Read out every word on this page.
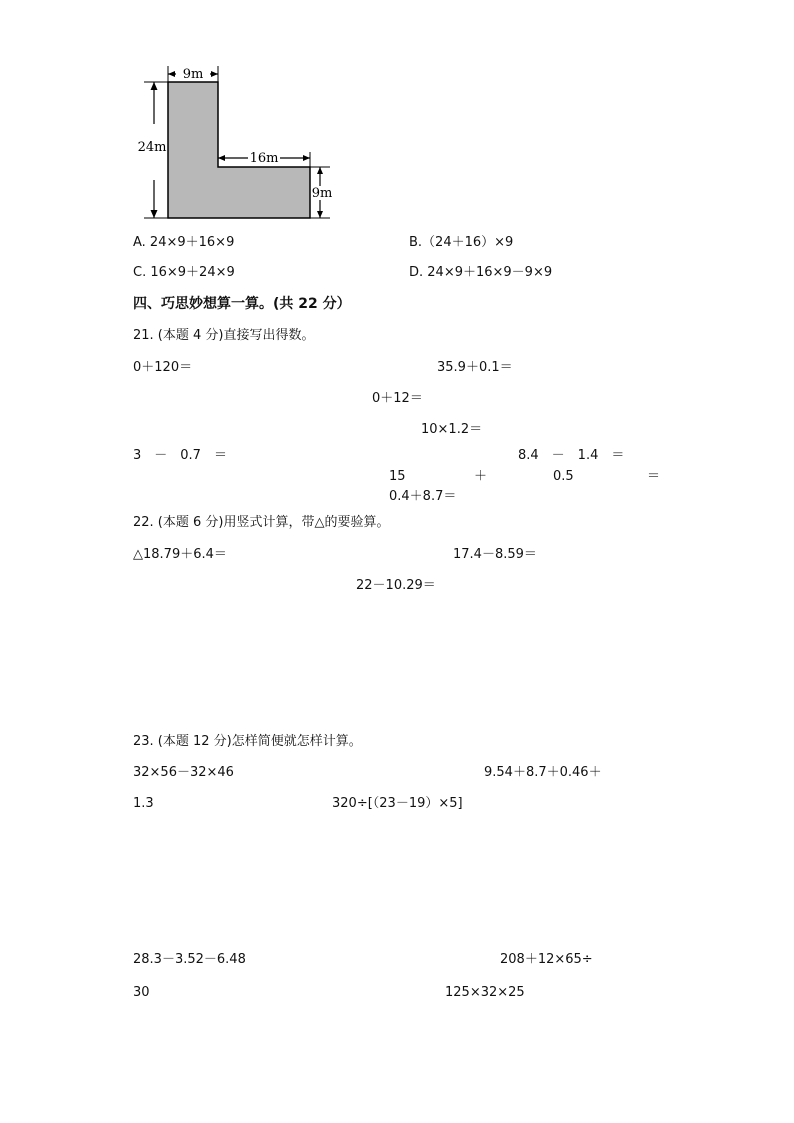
9m
24m
16m
9m
A. 24×9＋16×9	B.（24＋16）×9
C. 16×9＋24×9	D. 24×9＋16×9－9×9
四、巧思妙想算一算。(共 22 分）
21. (本题 4 分)直接写出得数。
0＋120＝	35.9＋0.1＝
0＋12＝
10×1.2＝
3　－　0.7　＝	8.4　－　1.4　＝
15	＋	0.5	＝
0.4＋8.7＝
22. (本题 6 分)用竖式计算，带△的要验算。
△18.79＋6.4＝	17.4－8.59＝
22－10.29＝
23. (本题 12 分)怎样简便就怎样计算。
32×56－32×46	9.54＋8.7＋0.46＋
1.3	320÷[（23－19）×5]
28.3－3.52－6.48	208＋12×65÷
30	125×32×25
